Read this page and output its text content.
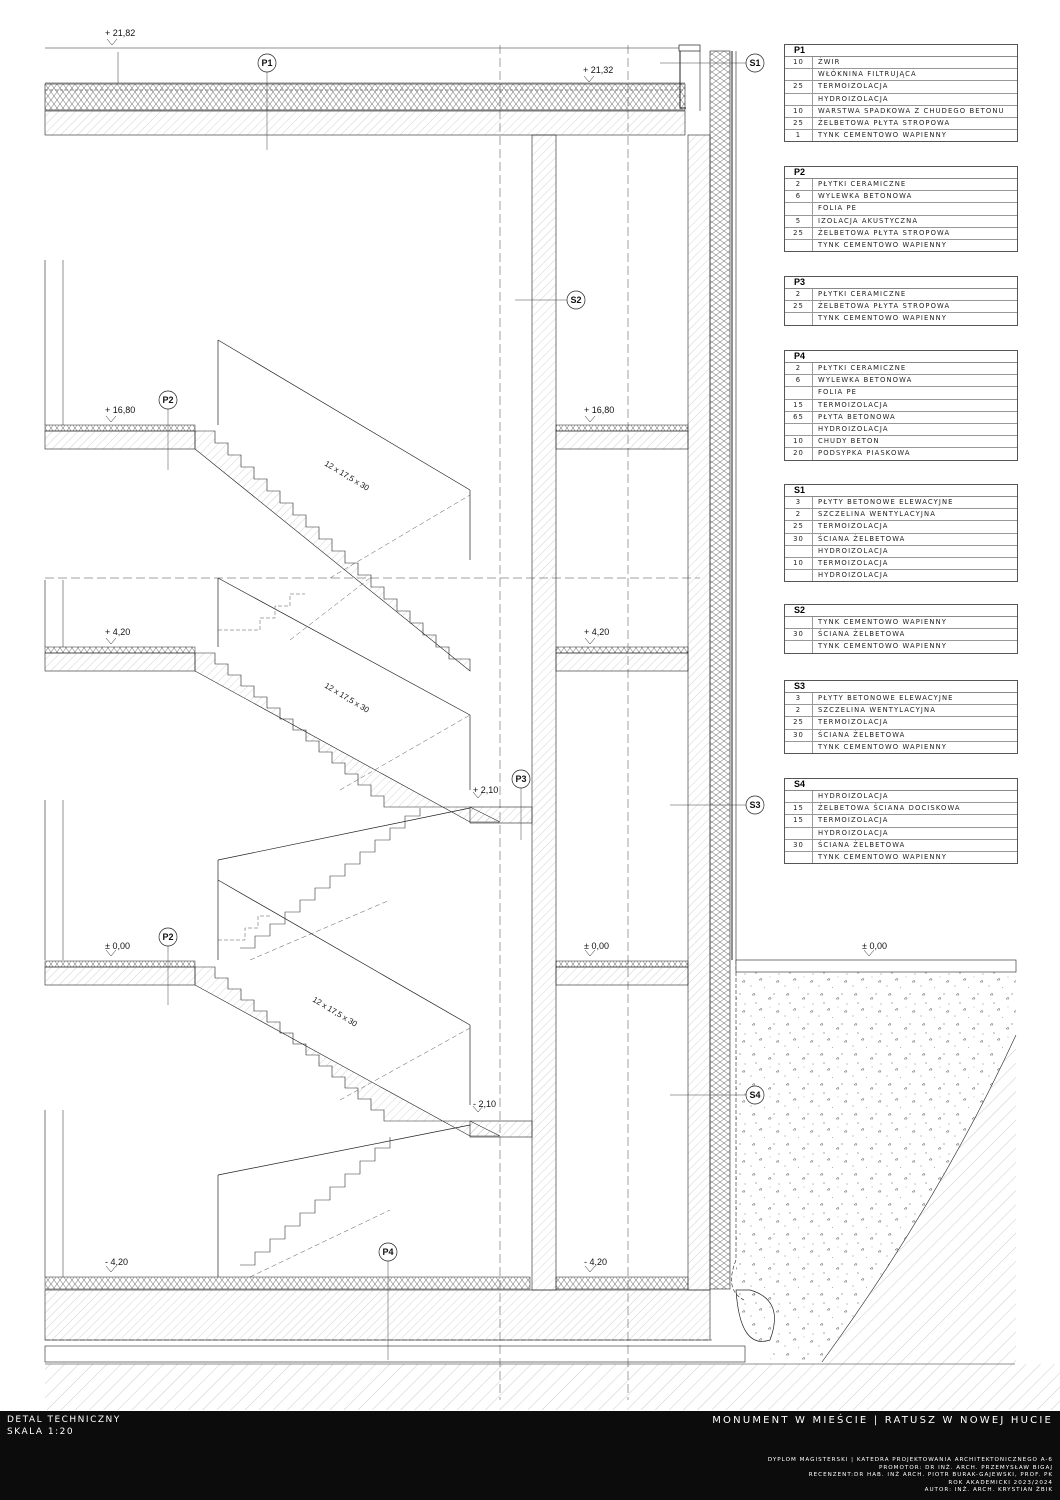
+ 21,82
+ 21,32
+ 16,80	+ 16,80
+ 4,20	+ 4,20
+ 2,10
± 0,00	± 0,00	± 0,00
- 2,10
- 4,20	- 4,20
12 x 17,5 x 30
12 x 17,5 x 30
12 x 17,5 x 30
P1
P2
P2
P3
P4
S1
S2
S3
S4
P1
10	ŻWIR
WŁÓKNINA FILTRUJĄCA
25	TERMOIZOLACJA
HYDROIZOLACJA
10	WARSTWA SPADKOWA Z CHUDEGO BETONU
25	ŻELBETOWA PŁYTA STROPOWA
1	TYNK CEMENTOWO WAPIENNY
P2
2	PŁYTKI CERAMICZNE
6	WYLEWKA BETONOWA
FOLIA PE
5	IZOLACJA AKUSTYCZNA
25	ŻELBETOWA PŁYTA STROPOWA
TYNK CEMENTOWO WAPIENNY
P3
2	PŁYTKI CERAMICZNE
25	ŻELBETOWA PŁYTA STROPOWA
TYNK CEMENTOWO WAPIENNY
P4
2	PŁYTKI CERAMICZNE
6	WYLEWKA BETONOWA
FOLIA PE
15	TERMOIZOLACJA
65	PŁYTA BETONOWA
HYDROIZOLACJA
10	CHUDY BETON
20	PODSYPKA PIASKOWA
S1
3	PŁYTY BETONOWE ELEWACYJNE
2	SZCZELINA WENTYLACYJNA
25	TERMOIZOLACJA
30	ŚCIANA ŻELBETOWA
HYDROIZOLACJA
10	TERMOIZOLACJA
HYDROIZOLACJA
S2
TYNK CEMENTOWO WAPIENNY
30	ŚCIANA ŻELBETOWA
TYNK CEMENTOWO WAPIENNY
S3
3	PŁYTY BETONOWE ELEWACYJNE
2	SZCZELINA WENTYLACYJNA
25	TERMOIZOLACJA
30	ŚCIANA ŻELBETOWA
TYNK CEMENTOWO WAPIENNY
S4
HYDROIZOLACJA
15	ŻELBETOWA ŚCIANA DOCISKOWA
15	TERMOIZOLACJA
HYDROIZOLACJA
30	ŚCIANA ŻELBETOWA
TYNK CEMENTOWO WAPIENNY
DETAL TECHNICZNY
SKALA 1:20
MONUMENT W MIEŚCIE | RATUSZ W NOWEJ HUCIE
DYPLOM MAGISTERSKI | KATEDRA PROJEKTOWANIA ARCHITEKTONICZNEGO A-6
PROMOTOR: DR INŻ. ARCH. PRZEMYSŁAW BIGAJ
RECENZENT:DR HAB. INŻ ARCH. PIOTR BURAK-GAJEWSKI, PROF. PK
ROK AKADEMICKI 2023/2024
AUTOR: INŻ. ARCH. KRYSTIAN ŻBIK
